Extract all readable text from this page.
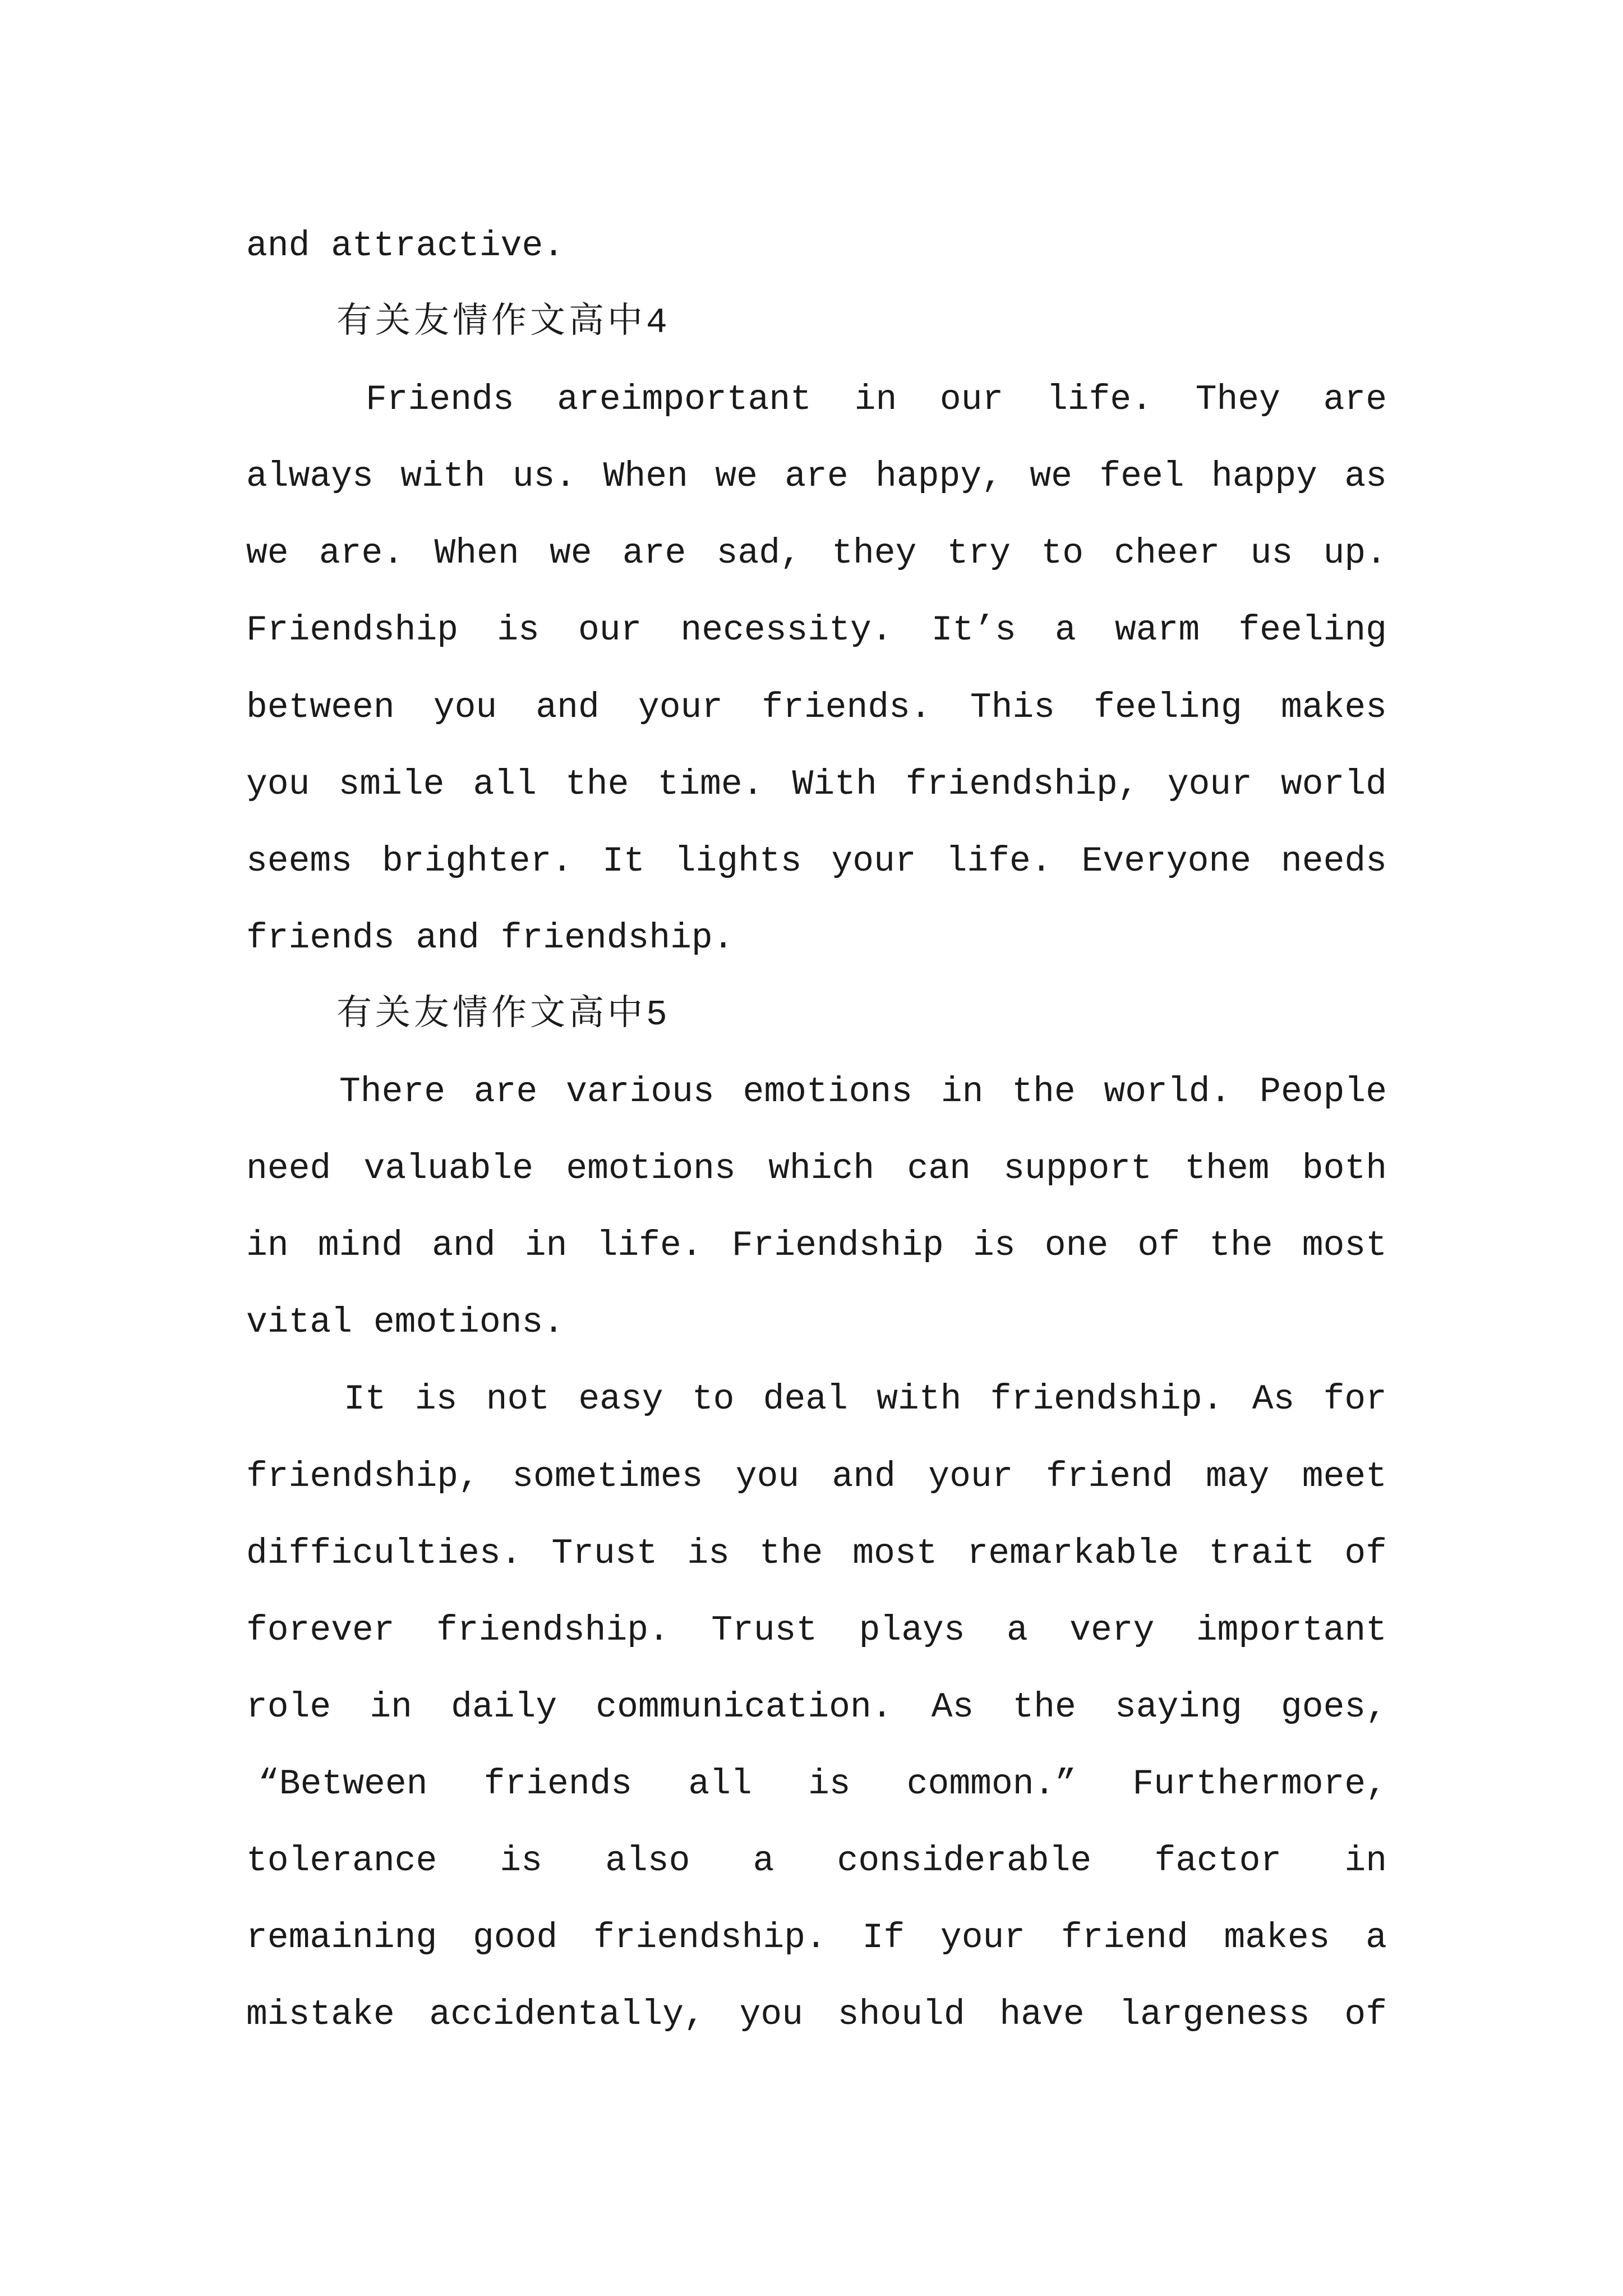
and attractive.
有关友情作文高中4
Friends areimportant in our life. They are
always with us. When we are happy, we feel happy as
we are. When we are sad, they try to cheer us up.
Friendship is our necessity. It’s a warm feeling
between you and your friends. This feeling makes
you smile all the time. With friendship, your world
seems brighter. It lights your life. Everyone needs
friends and friendship.
有关友情作文高中5
There are various emotions in the world. People
need valuable emotions which can support them both
in mind and in life. Friendship is one of the most
vital emotions.
It is not easy to deal with friendship. As for
friendship, sometimes you and your friend may meet
difficulties. Trust is the most remarkable trait of
forever friendship. Trust plays a very important
role in daily communication. As the saying goes,
“Between friends all is common.” Furthermore,
tolerance is also a considerable factor in
remaining good friendship. If your friend makes a
mistake accidentally, you should have largeness of
